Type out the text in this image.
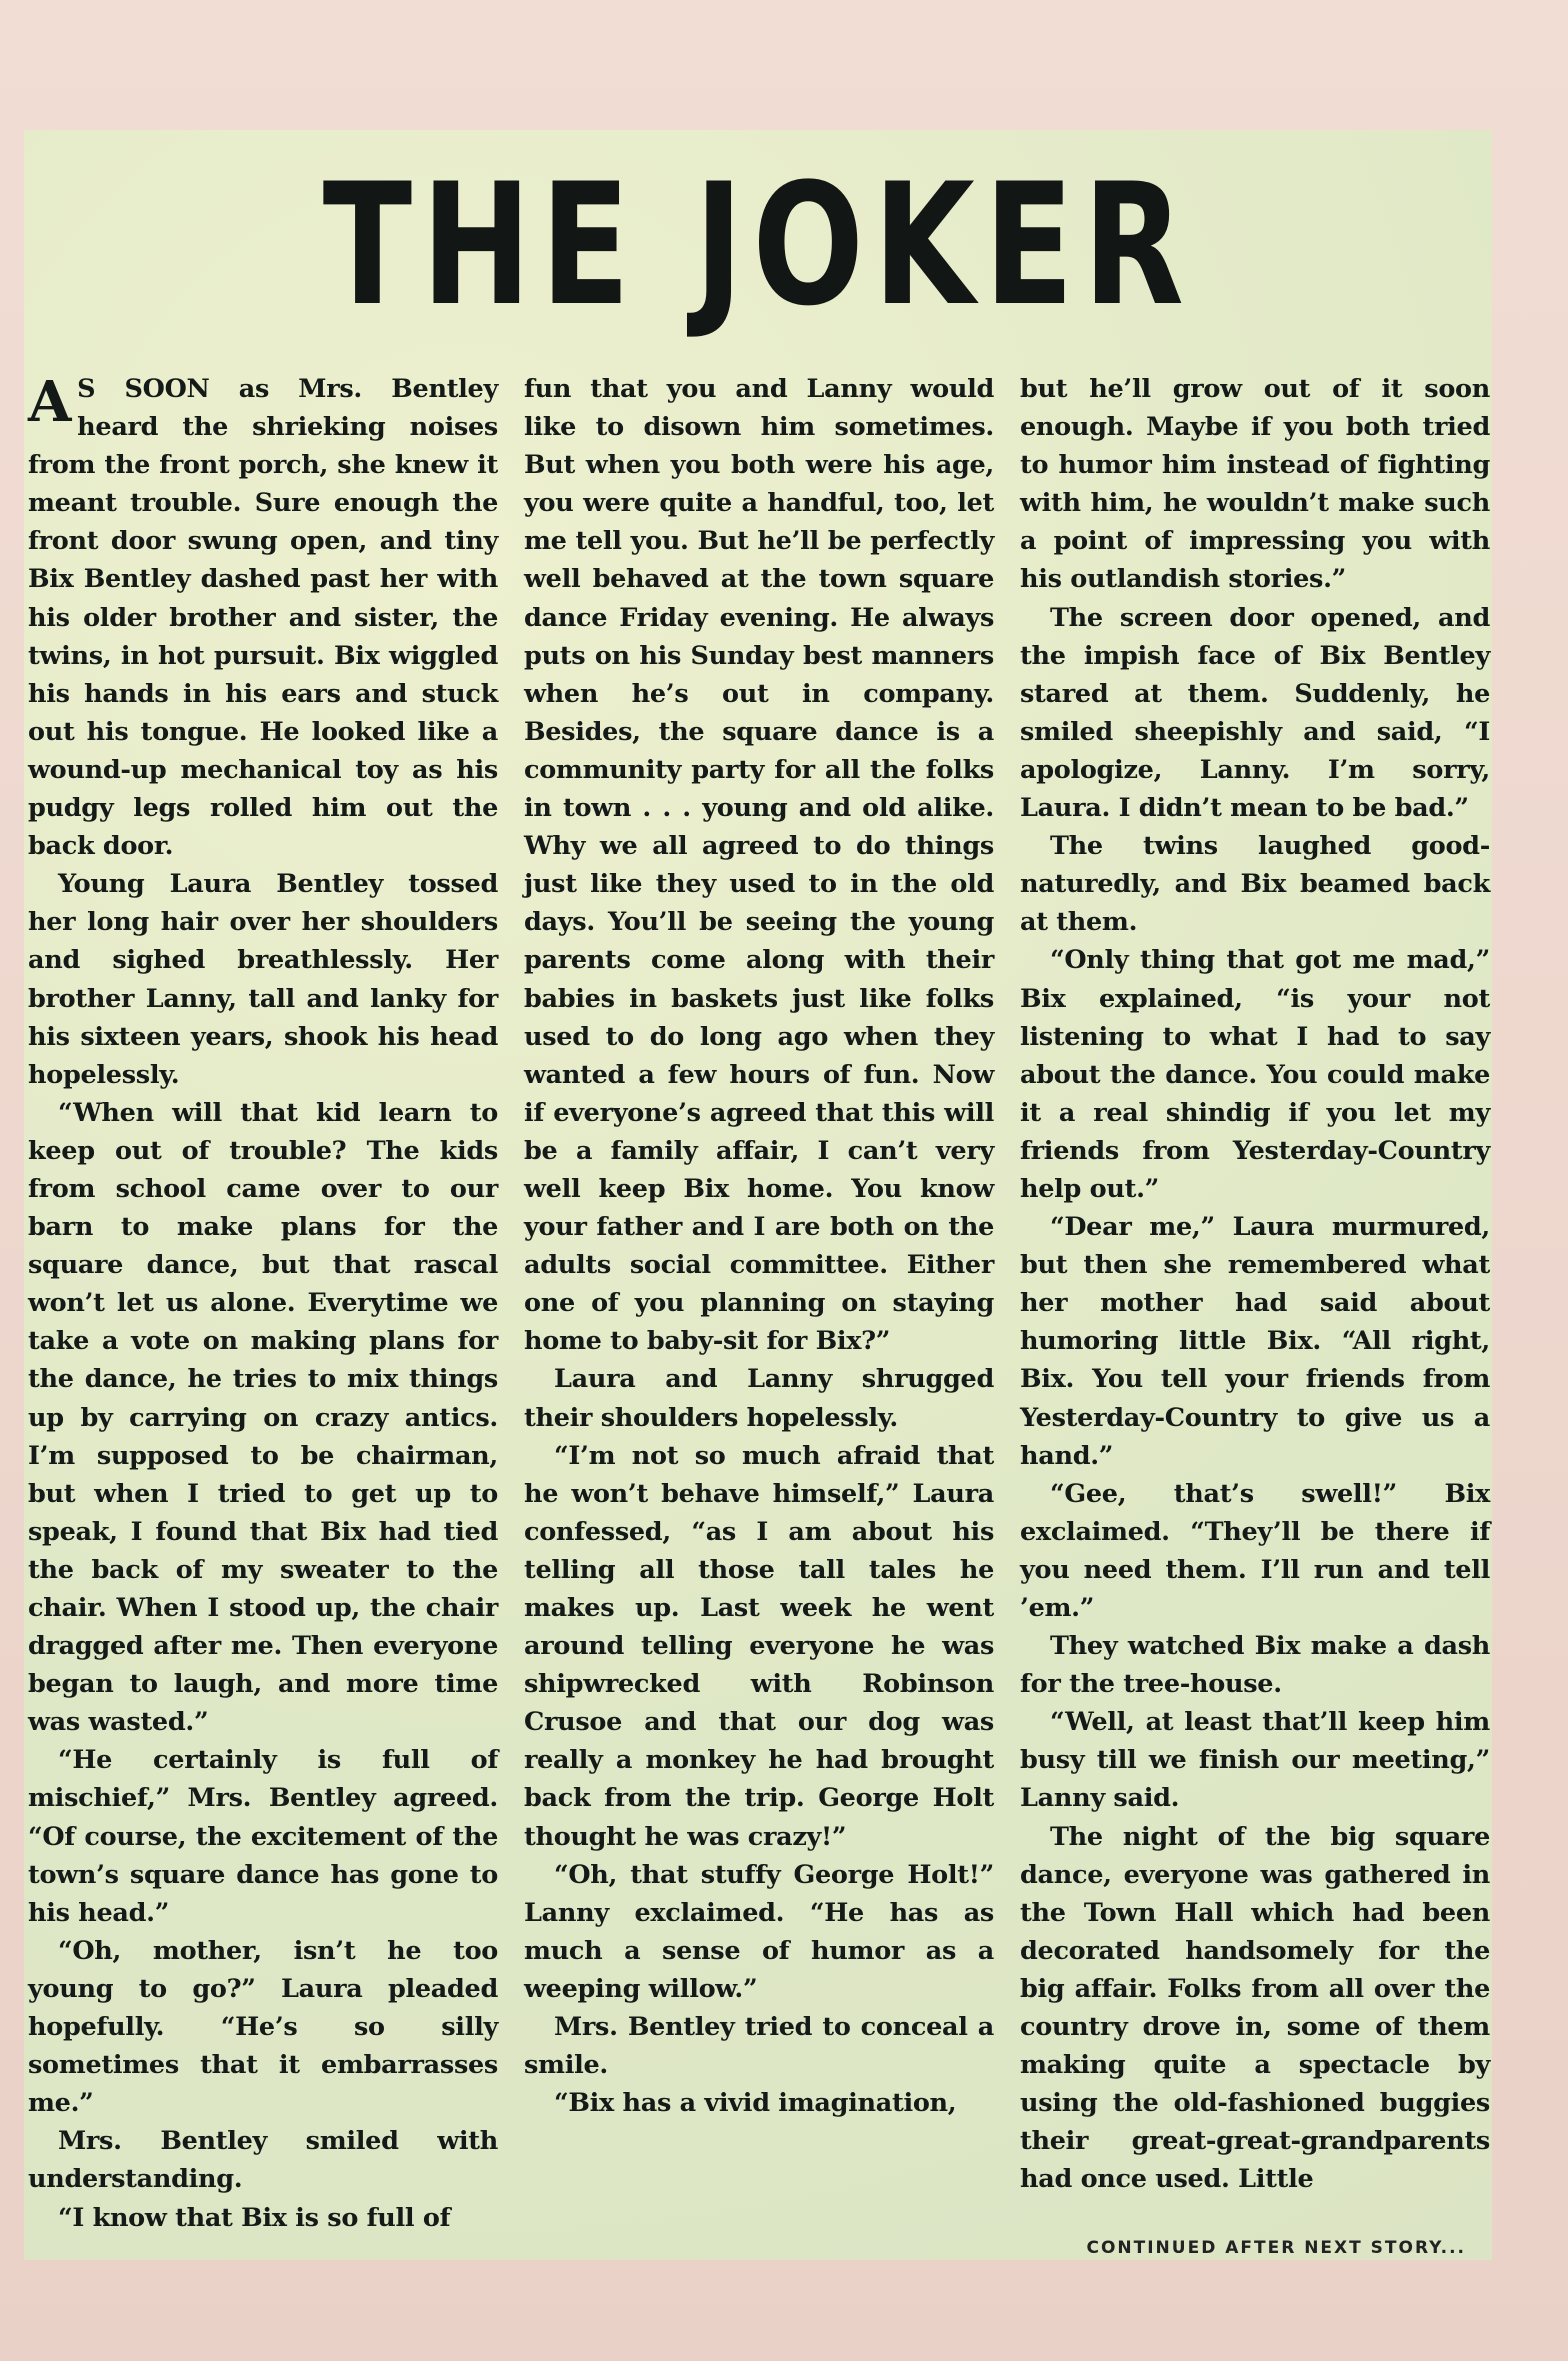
THE JOKER

A S SOON as Mrs. Bentley heard the shrieking noises from the front porch, she knew it meant trouble. Sure enough the front door swung open, and tiny Bix Bentley dashed past her with his older brother and sister, the twins, in hot pursuit. Bix wiggled his hands in his ears and stuck out his tongue. He looked like a wound-up mechanical toy as his pudgy legs rolled him out the back door.

Young Laura Bentley tossed her long hair over her shoulders and sighed breathlessly. Her brother Lanny, tall and lanky for his sixteen years, shook his head hopelessly.

“When will that kid learn to keep out of trouble? The kids from school came over to our barn to make plans for the square dance, but that rascal won’t let us alone. Everytime we take a vote on making plans for the dance, he tries to mix things up by carrying on crazy antics. I’m supposed to be chairman, but when I tried to get up to speak, I found that Bix had tied the back of my sweater to the chair. When I stood up, the chair dragged after me. Then everyone began to laugh, and more time was wasted.”

“He certainly is full of mischief,” Mrs. Bentley agreed. “Of course, the excitement of the town’s square dance has gone to his head.”

“Oh, mother, isn’t he too young to go?” Laura pleaded hopefully. “He’s so silly sometimes that it embarrasses me.”

Mrs. Bentley smiled with understanding.

“I know that Bix is so full of

fun that you and Lanny would like to disown him sometimes. But when you both were his age, you were quite a handful, too, let me tell you. But he’ll be perfectly well behaved at the town square dance Friday evening. He always puts on his Sunday best manners when he’s out in company. Besides, the square dance is a community party for all the folks in town . . . young and old alike. Why we all agreed to do things just like they used to in the old days. You’ll be seeing the young parents come along with their babies in baskets just like folks used to do long ago when they wanted a few hours of fun. Now if everyone’s agreed that this will be a family affair, I can’t very well keep Bix home. You know your father and I are both on the adults social committee. Either one of you planning on staying home to baby-sit for Bix?”

Laura and Lanny shrugged their shoulders hopelessly.

“I’m not so much afraid that he won’t behave himself,” Laura confessed, “as I am about his telling all those tall tales he makes up. Last week he went around telling everyone he was shipwrecked with Robinson Crusoe and that our dog was really a monkey he had brought back from the trip. George Holt thought he was crazy!”

“Oh, that stuffy George Holt!” Lanny exclaimed. “He has as much a sense of humor as a weeping willow.”

Mrs. Bentley tried to conceal a smile.

“Bix has a vivid imagination,

but he’ll grow out of it soon enough. Maybe if you both tried to humor him instead of fighting with him, he wouldn’t make such a point of impressing you with his outlandish stories.”

The screen door opened, and the impish face of Bix Bentley stared at them. Suddenly, he smiled sheepishly and said, “I apologize, Lanny. I’m sorry, Laura. I didn’t mean to be bad.”

The twins laughed good-naturedly, and Bix beamed back at them.

“Only thing that got me mad,” Bix explained, “is your not listening to what I had to say about the dance. You could make it a real shindig if you let my friends from Yesterday-Country help out.”

“Dear me,” Laura murmured, but then she remembered what her mother had said about humoring little Bix. “All right, Bix. You tell your friends from Yesterday-Country to give us a hand.”

“Gee, that’s swell!” Bix exclaimed. “They’ll be there if you need them. I’ll run and tell ’em.”

They watched Bix make a dash for the tree-house.

“Well, at least that’ll keep him busy till we finish our meeting,” Lanny said.

The night of the big square dance, everyone was gathered in the Town Hall which had been decorated handsomely for the big affair. Folks from all over the country drove in, some of them making quite a spectacle by using the old-fashioned buggies their great-great-grandparents had once used. Little

CONTINUED AFTER NEXT STORY...
